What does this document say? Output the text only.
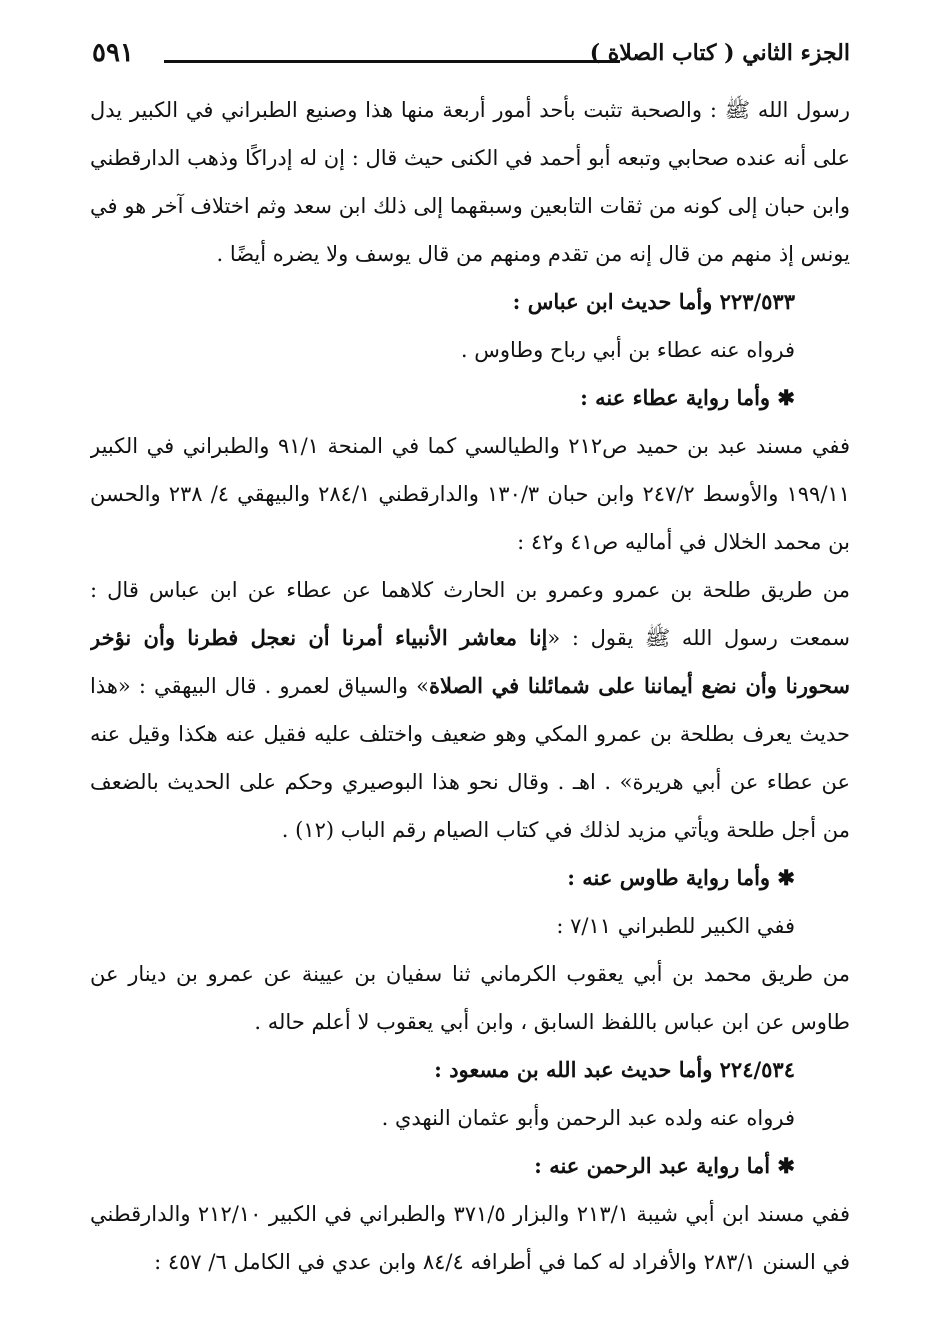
٥٩١	الجزء الثاني ( كتاب الصلاة )

رسول الله ﷺ : والصحبة تثبت بأحد أمور أربعة منها هذا وصنيع الطبراني في الكبير يدل على أنه عنده صحابي وتبعه أبو أحمد في الكنى حيث قال : إن له إدراكًا وذهب الدارقطني وابن حبان إلى كونه من ثقات التابعين وسبقهما إلى ذلك ابن سعد وثم اختلاف آخر هو في يونس إذ منهم من قال إنه من تقدم ومنهم من قال يوسف ولا يضره أيضًا .

٢٢٣/٥٣٣ وأما حديث ابن عباس :

فرواه عنه عطاء بن أبي رباح وطاوس .

✱ وأما رواية عطاء عنه :

ففي مسند عبد بن حميد ص٢١٢ والطيالسي كما في المنحة ٩١/١ والطبراني في الكبير ١٩٩/١١ والأوسط ٢٤٧/٢ وابن حبان ١٣٠/٣ والدارقطني ٢٨٤/١ والبيهقي ٤/ ٢٣٨ والحسن بن محمد الخلال في أماليه ص٤١ و٤٢ :

من طريق طلحة بن عمرو وعمرو بن الحارث كلاهما عن عطاء عن ابن عباس قال : سمعت رسول الله ﷺ يقول : «إنا معاشر الأنبياء أمرنا أن نعجل فطرنا وأن نؤخر سحورنا وأن نضع أيماننا على شمائلنا في الصلاة» والسياق لعمرو . قال البيهقي : «هذا حديث يعرف بطلحة بن عمرو المكي وهو ضعيف واختلف عليه فقيل عنه هكذا وقيل عنه عن عطاء عن أبي هريرة» . اهـ . وقال نحو هذا البوصيري وحكم على الحديث بالضعف من أجل طلحة ويأتي مزيد لذلك في كتاب الصيام رقم الباب (١٢) .

✱ وأما رواية طاوس عنه :

ففي الكبير للطبراني ٧/١١ :

من طريق محمد بن أبي يعقوب الكرماني ثنا سفيان بن عيينة عن عمرو بن دينار عن طاوس عن ابن عباس باللفظ السابق ، وابن أبي يعقوب لا أعلم حاله .

٢٢٤/٥٣٤ وأما حديث عبد الله بن مسعود :

فرواه عنه ولده عبد الرحمن وأبو عثمان النهدي .

✱ أما رواية عبد الرحمن عنه :

ففي مسند ابن أبي شيبة ٢١٣/١ والبزار ٣٧١/٥ والطبراني في الكبير ٢١٢/١٠ والدارقطني في السنن ٢٨٣/١ والأفراد له كما في أطرافه ٨٤/٤ وابن عدي في الكامل ٦/ ٤٥٧ :
